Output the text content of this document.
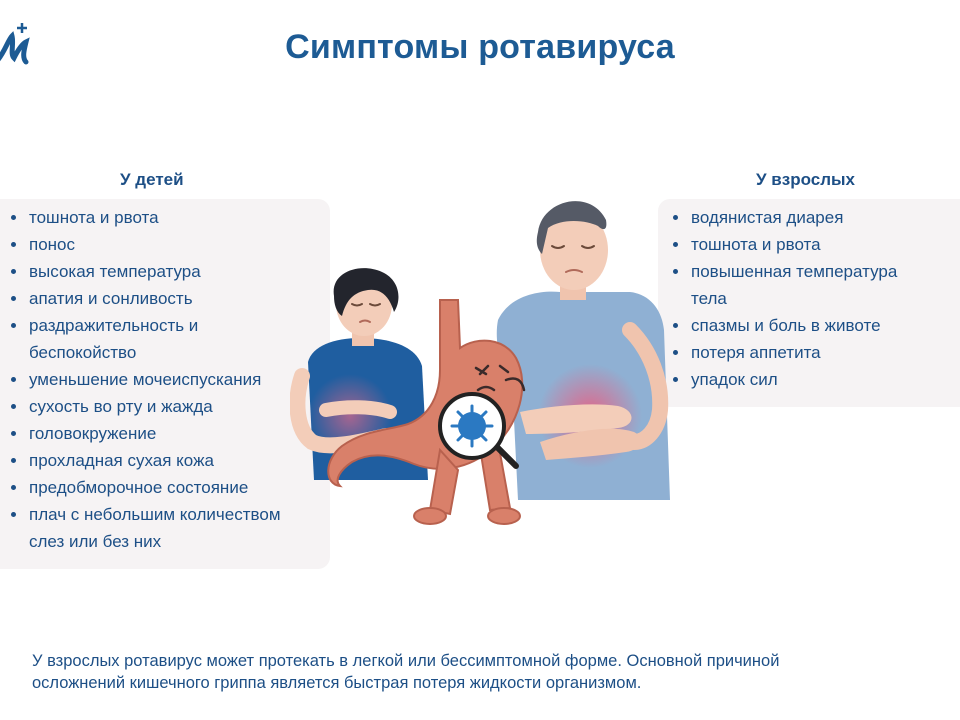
Симптомы ротавируса
У детей
тошнота и рвота
понос
высокая температура
апатия и сонливость
раздражительность и
беспокойство
уменьшение мочеиспускания
сухость во рту и жажда
головокружение
прохладная сухая кожа
предобморочное состояние
плач с небольшим количеством
слез или без них
У взрослых
водянистая диарея
тошнота и рвота
повышенная температура
тела
спазмы и боль в животе
потеря аппетита
упадок сил
У взрослых ротавирус может протекать в легкой или бессимптомной форме. Основной причиной
осложнений кишечного гриппа является быстрая потеря жидкости организмом.
